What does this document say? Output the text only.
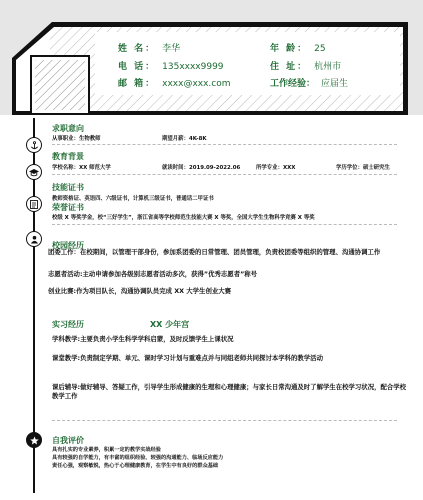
姓 名： 李华	年 龄： 25
电 话： 135xxxx9999	住 址： 杭州市
邮 箱： xxxx@xxx.com	工作经验： 应届生
求职意向
从事职业：生物教师	期望月薪：4K-8K
教育背景
学校名称：XX 师范大学	就读时间：2019.09-2022.06	所学专业：XXX	学历学位：硕士研究生
技能证书
教师资格证、英语四、六级证书，计算机三级证书，普通话二甲证书
荣誉证书
校级 X 等奖学金，校“三好学生”，浙江省高等学校师范生技能大赛 X 等奖，全国大学生生物科学竞赛 X 等奖
校园经历
团委工作：在校期间，以管理干部身份，参加系团委的日常管理、团员管理，负责校团委等组织的管理、沟通协调工作
志愿者活动:主动申请参加各级别志愿者活动多次，获得”优秀志愿者”称号
创业比赛:作为项目队长，沟通协调队员完成 XX 大学生创业大赛
实习经历	XX 少年宫
学科教学:主要负责小学生科学学科启蒙，及时反馈学生上课状况
课堂教学:负责制定学期、单元、课时学习计划与重难点并与同组老师共同探讨本学科的教学活动
课后辅导:做好辅导、答疑工作，引导学生形成健康的生理和心理健康；与家长日常沟通及时了解学生在校学习状况，配合学校教学工作
自我评价
具有扎实的专业素养，积累一定的教学实战经验
具有较强的自学能力，有丰富的组织经验、较强的沟通能力、临场反应能力
责任心强，观察敏锐，热心于心理健康教育，在学生中有良好的群众基础
